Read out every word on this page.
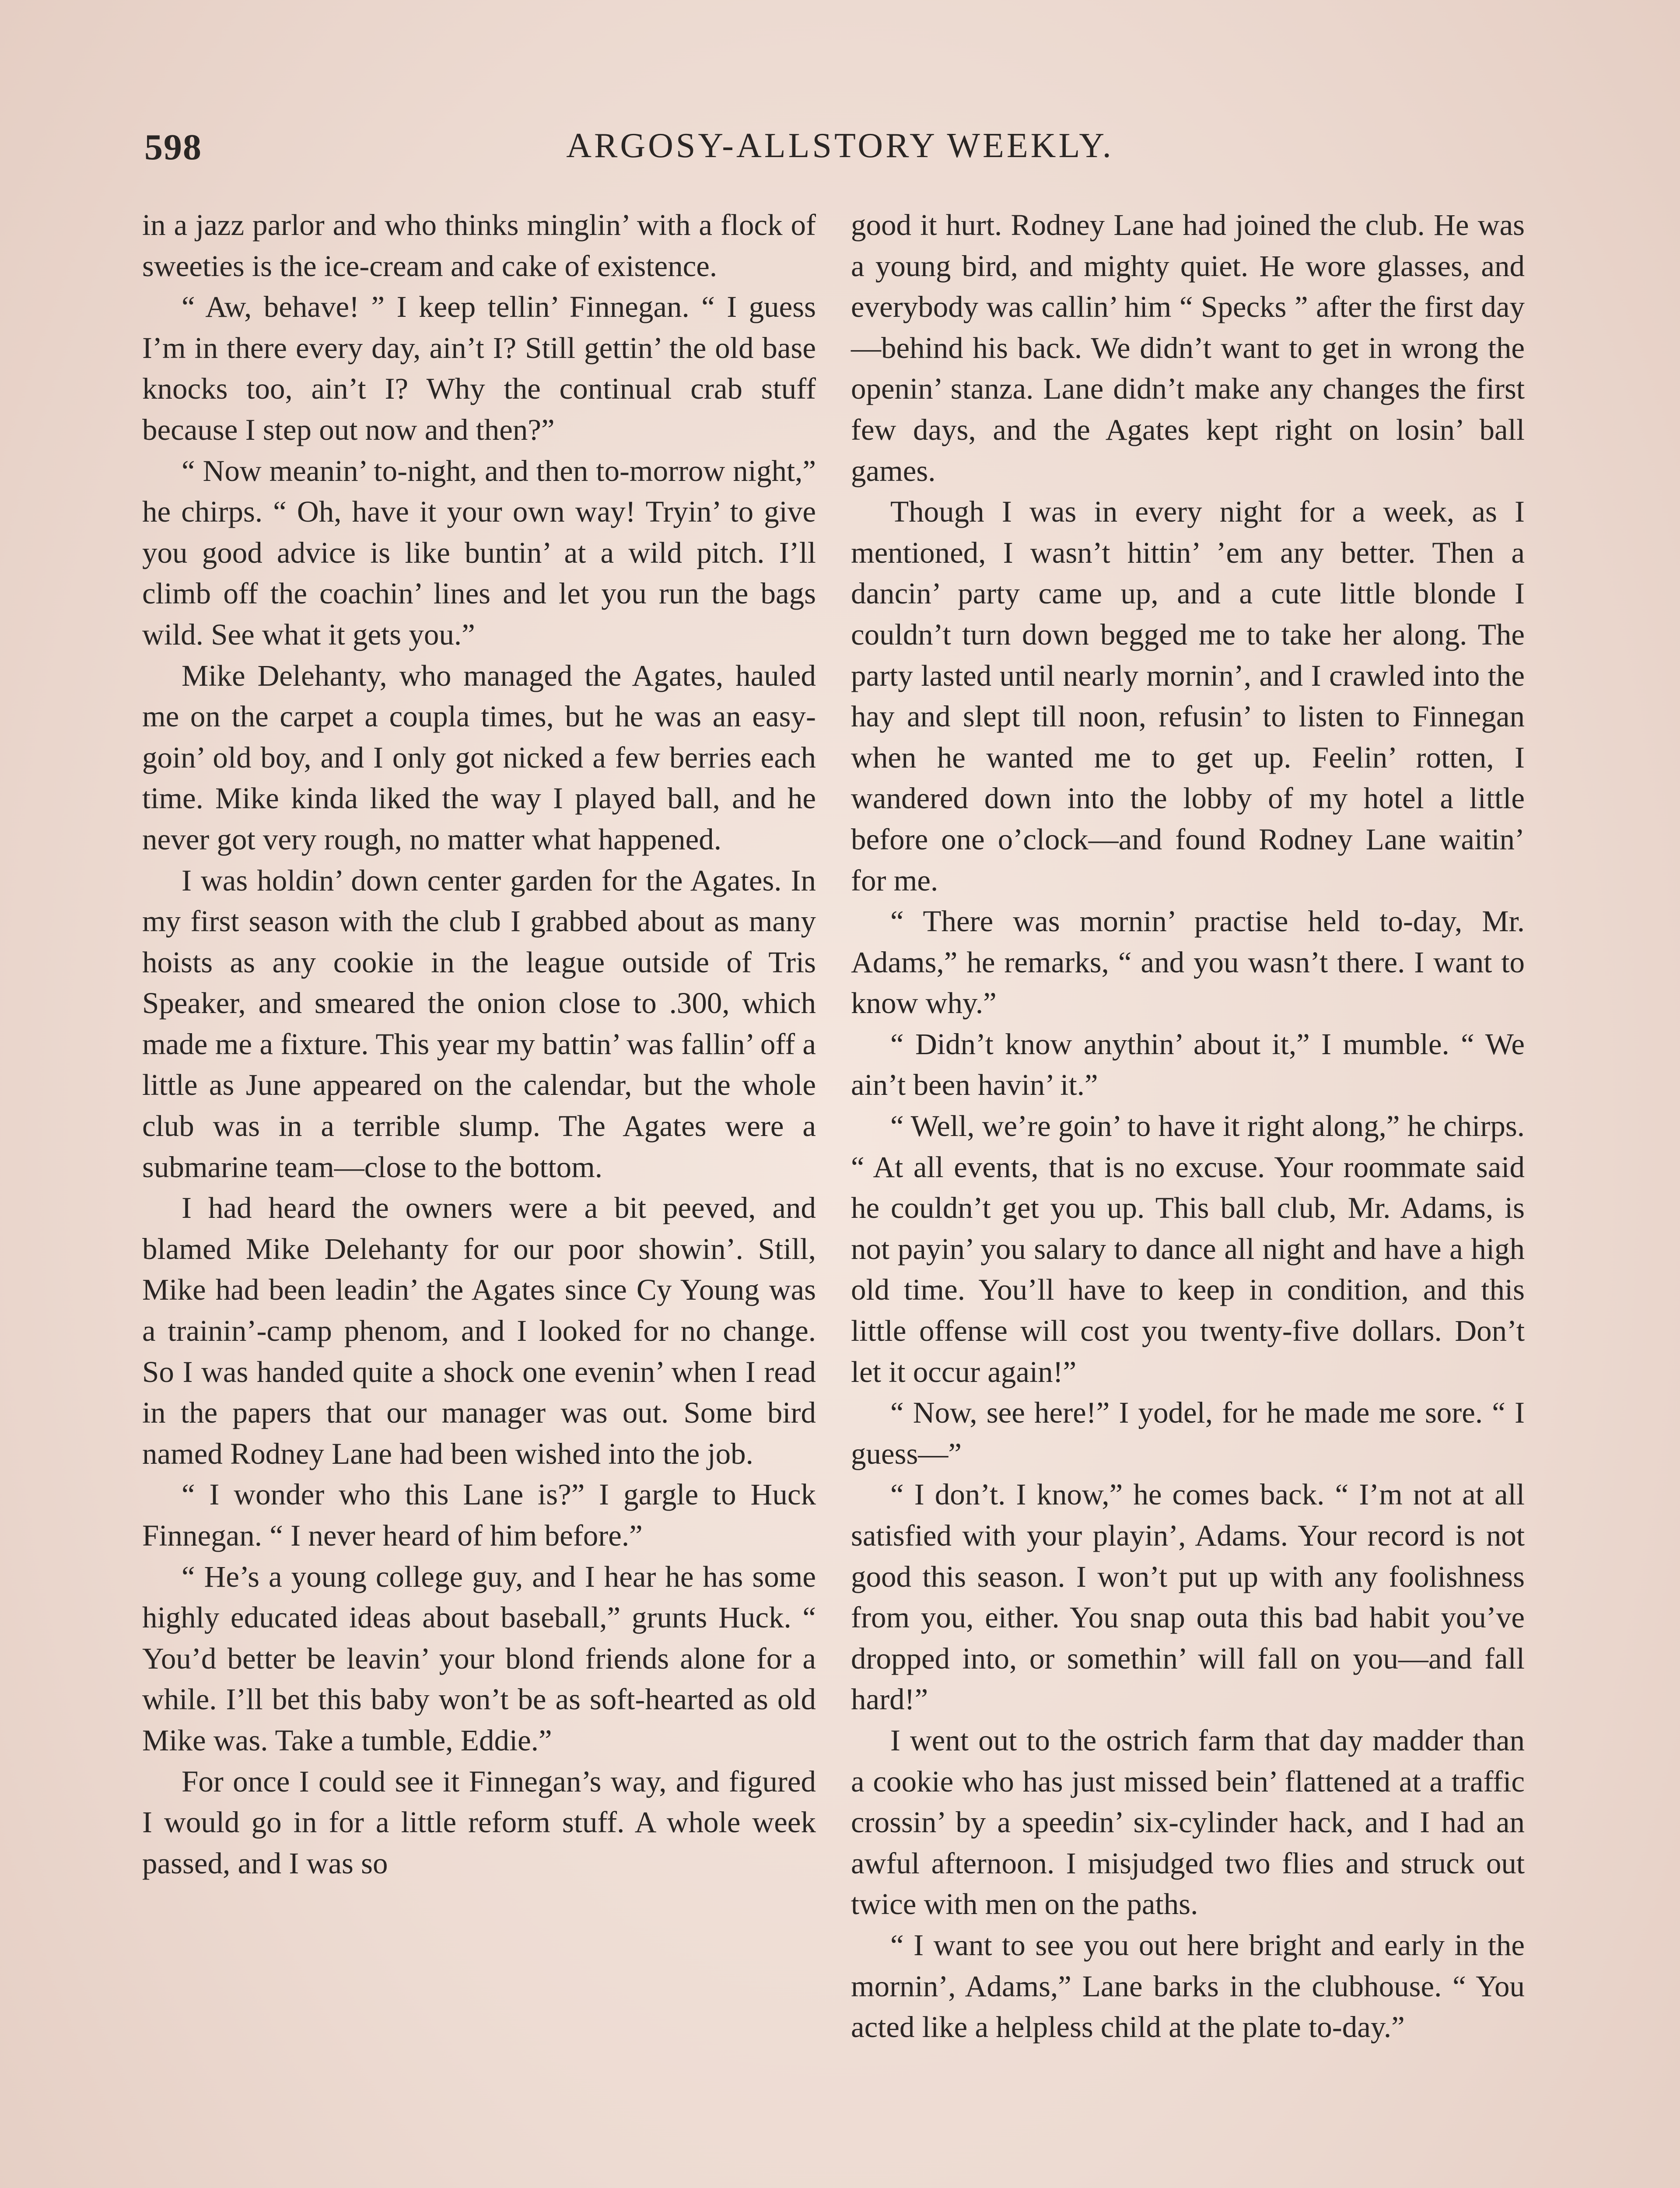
598	ARGOSY-ALLSTORY WEEKLY.

in a jazz parlor and who thinks minglin’ with a flock of sweeties is the ice-cream and cake of existence.

“ Aw, behave! ” I keep tellin’ Finnegan. “ I guess I’m in there every day, ain’t I? Still gettin’ the old base knocks too, ain’t I? Why the continual crab stuff because I step out now and then?”

“ Now meanin’ to-night, and then to-morrow night,” he chirps. “ Oh, have it your own way! Tryin’ to give you good advice is like buntin’ at a wild pitch. I’ll climb off the coachin’ lines and let you run the bags wild. See what it gets you.”

Mike Delehanty, who managed the Agates, hauled me on the carpet a coupla times, but he was an easy-goin’ old boy, and I only got nicked a few berries each time. Mike kinda liked the way I played ball, and he never got very rough, no matter what happened.

I was holdin’ down center garden for the Agates. In my first season with the club I grabbed about as many hoists as any cookie in the league outside of Tris Speaker, and smeared the onion close to .300, which made me a fixture. This year my battin’ was fallin’ off a little as June appeared on the calendar, but the whole club was in a terrible slump. The Agates were a submarine team—close to the bottom.

I had heard the owners were a bit peeved, and blamed Mike Delehanty for our poor showin’. Still, Mike had been leadin’ the Agates since Cy Young was a trainin’-camp phenom, and I looked for no change. So I was handed quite a shock one evenin’ when I read in the papers that our manager was out. Some bird named Rodney Lane had been wished into the job.

“ I wonder who this Lane is?” I gargle to Huck Finnegan. “ I never heard of him before.”

“ He’s a young college guy, and I hear he has some highly educated ideas about baseball,” grunts Huck. “ You’d better be leavin’ your blond friends alone for a while. I’ll bet this baby won’t be as soft-hearted as old Mike was. Take a tumble, Eddie.”

For once I could see it Finnegan’s way, and figured I would go in for a little reform stuff. A whole week passed, and I was so

good it hurt. Rodney Lane had joined the club. He was a young bird, and mighty quiet. He wore glasses, and everybody was callin’ him “ Specks ” after the first day—behind his back. We didn’t want to get in wrong the openin’ stanza. Lane didn’t make any changes the first few days, and the Agates kept right on losin’ ball games.

Though I was in every night for a week, as I mentioned, I wasn’t hittin’ ’em any better. Then a dancin’ party came up, and a cute little blonde I couldn’t turn down begged me to take her along. The party lasted until nearly mornin’, and I crawled into the hay and slept till noon, refusin’ to listen to Finnegan when he wanted me to get up. Feelin’ rotten, I wandered down into the lobby of my hotel a little before one o’clock—and found Rodney Lane waitin’ for me.

“ There was mornin’ practise held to-day, Mr. Adams,” he remarks, “ and you wasn’t there. I want to know why.”

“ Didn’t know anythin’ about it,” I mumble. “ We ain’t been havin’ it.”

“ Well, we’re goin’ to have it right along,” he chirps. “ At all events, that is no excuse. Your roommate said he couldn’t get you up. This ball club, Mr. Adams, is not payin’ you salary to dance all night and have a high old time. You’ll have to keep in condition, and this little offense will cost you twenty-five dollars. Don’t let it occur again!”

“ Now, see here!” I yodel, for he made me sore. “ I guess—”

“ I don’t. I know,” he comes back. “ I’m not at all satisfied with your playin’, Adams. Your record is not good this season. I won’t put up with any foolishness from you, either. You snap outa this bad habit you’ve dropped into, or somethin’ will fall on you—and fall hard!”

I went out to the ostrich farm that day madder than a cookie who has just missed bein’ flattened at a traffic crossin’ by a speedin’ six-cylinder hack, and I had an awful afternoon. I misjudged two flies and struck out twice with men on the paths.

“ I want to see you out here bright and early in the mornin’, Adams,” Lane barks in the clubhouse. “ You acted like a helpless child at the plate to-day.”
